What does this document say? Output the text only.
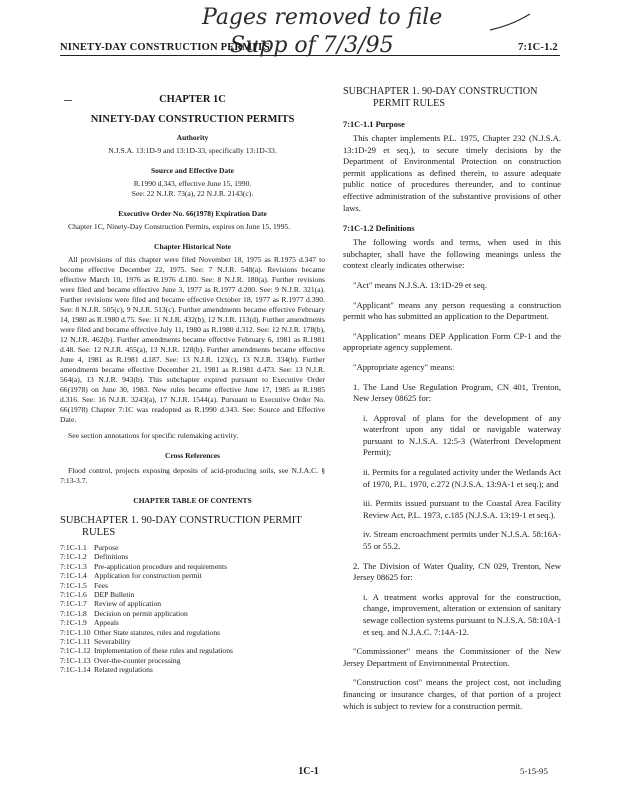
Pages removed to file
Supp of 7/3/95
NINETY-DAY CONSTRUCTION PERMITS	7:1C-1.2
CHAPTER 1C
NINETY-DAY CONSTRUCTION PERMITS
Authority
N.J.S.A. 13:1D-9 and 13:1D-33, specifically 13:1D-33.
Source and Effective Date
R.1990 d.343, effective June 15, 1990.
See: 22 N.J.R. 73(a), 22 N.J.R. 2143(c).
Executive Order No. 66(1978) Expiration Date

Chapter 1C, Ninety-Day Construction Permits, expires on June 15, 1995.

Chapter Historical Note

All provisions of this chapter were filed November 18, 1975 as R.1975 d.347 to become effective December 22, 1975. See: 7 N.J.R. 548(a). Revisions became effective March 10, 1976 as R.1976 d.180. See: 8 N.J.R. 180(a). Further revisions were filed and became effective June 3, 1977 as R.1977 d.200. See: 9 N.J.R. 321(a). Further revisions were filed and became effective October 18, 1977 as R.1977 d.390. See: 8 N.J.R. 505(c), 9 N.J.R. 513(c). Further amendments became effective February 14, 1980 as R.1980 d.75. See: 11 N.J.R. 432(b), 12 N.J.R. 113(d). Further amendments were filed and became effective July 11, 1980 as R.1980 d.312. See: 12 N.J.R. 178(b), 12 N.J.R. 462(b). Further amendments became effective February 6, 1981 as R.1981 d.48. See: 12 N.J.R. 455(a), 13 N.J.R. 128(b). Further amendments became effective June 4, 1981 as R.1981 d.187. See: 13 N.J.R. 123(c), 13 N.J.R. 334(b). Further amendments became effective December 21, 1981 as R.1981 d.473. See: 13 N.J.R. 564(a), 13 N.J.R. 943(b). This subchapter expired pursuant to Executive Order 66(1978) on June 30, 1983. New rules became effective June 17, 1985 as R.1985 d.316. See: 16 N.J.R. 3243(a), 17 N.J.R. 1544(a). Pursuant to Executive Order No. 66(1978) Chapter 7:1C was readopted as R.1990 d.343. See: Source and Effective Date.

See section annotations for specific rulemaking activity.

Cross References

Flood control, projects exposing deposits of acid-producing soils, see N.J.A.C. § 7:13-3.7.

CHAPTER TABLE OF CONTENTS
SUBCHAPTER 1. 90-DAY CONSTRUCTION PERMIT
RULES
7:1C-1.1 Purpose
7:1C-1.2 Definitions
7:1C-1.3 Pre-application procedure and requirements
7:1C-1.4 Application for construction permit
7:1C-1.5 Fees
7:1C-1.6 DEP Bulletin
7:1C-1.7 Review of application
7:1C-1.8 Decision on permit application
7:1C-1.9 Appeals
7:1C-1.10 Other State statutes, rules and regulations
7:1C-1.11 Severability
7:1C-1.12 Implementation of these rules and regulations
7:1C-1.13 Over-the-counter processing
7:1C-1.14 Related regulations
SUBCHAPTER 1. 90-DAY CONSTRUCTION
PERMIT RULES
7:1C-1.1 Purpose

This chapter implements P.L. 1975, Chapter 232 (N.J.S.A. 13:1D-29 et seq.), to secure timely decisions by the Department of Environmental Protection on construction permit applications as defined therein, to assure adequate public notice of procedures thereunder, and to continue effective administration of the substantive provisions of other laws.

7:1C-1.2 Definitions

The following words and terms, when used in this subchapter, shall have the following meanings unless the context clearly indicates otherwise:

"Act" means N.J.S.A. 13:1D-29 et seq.

"Applicant" means any person requesting a construction permit who has submitted an application to the Department.

"Application" means DEP Application Form CP-1 and the appropriate agency supplement.

"Appropriate agency" means:

1. The Land Use Regulation Program, CN 401, Trenton, New Jersey 08625 for:

i. Approval of plans for the development of any waterfront upon any tidal or navigable waterway pursuant to N.J.S.A. 12:5-3 (Waterfront Development Permit);

ii. Permits for a regulated activity under the Wetlands Act of 1970, P.L. 1970, c.272 (N.J.S.A. 13:9A-1 et seq.); and

iii. Permits issued pursuant to the Coastal Area Facility Review Act, P.L. 1973, c.185 (N.J.S.A. 13:19-1 et seq.).

iv. Stream encroachment permits under N.J.S.A. 58:16A-55 or 55.2.

2. The Division of Water Quality, CN 029, Trenton, New Jersey 08625 for:

i. A treatment works approval for the construction, change, improvement, alteration or extension of sanitary sewage collection systems pursuant to N.J.S.A. 58:10A-1 et seq. and N.J.A.C. 7:14A-12.

"Commissioner" means the Commissioner of the New Jersey Department of Environmental Protection.

"Construction cost" means the project cost, not including financing or insurance charges, of that portion of a project which is subject to review for a construction permit.

1C-1	5-15-95
